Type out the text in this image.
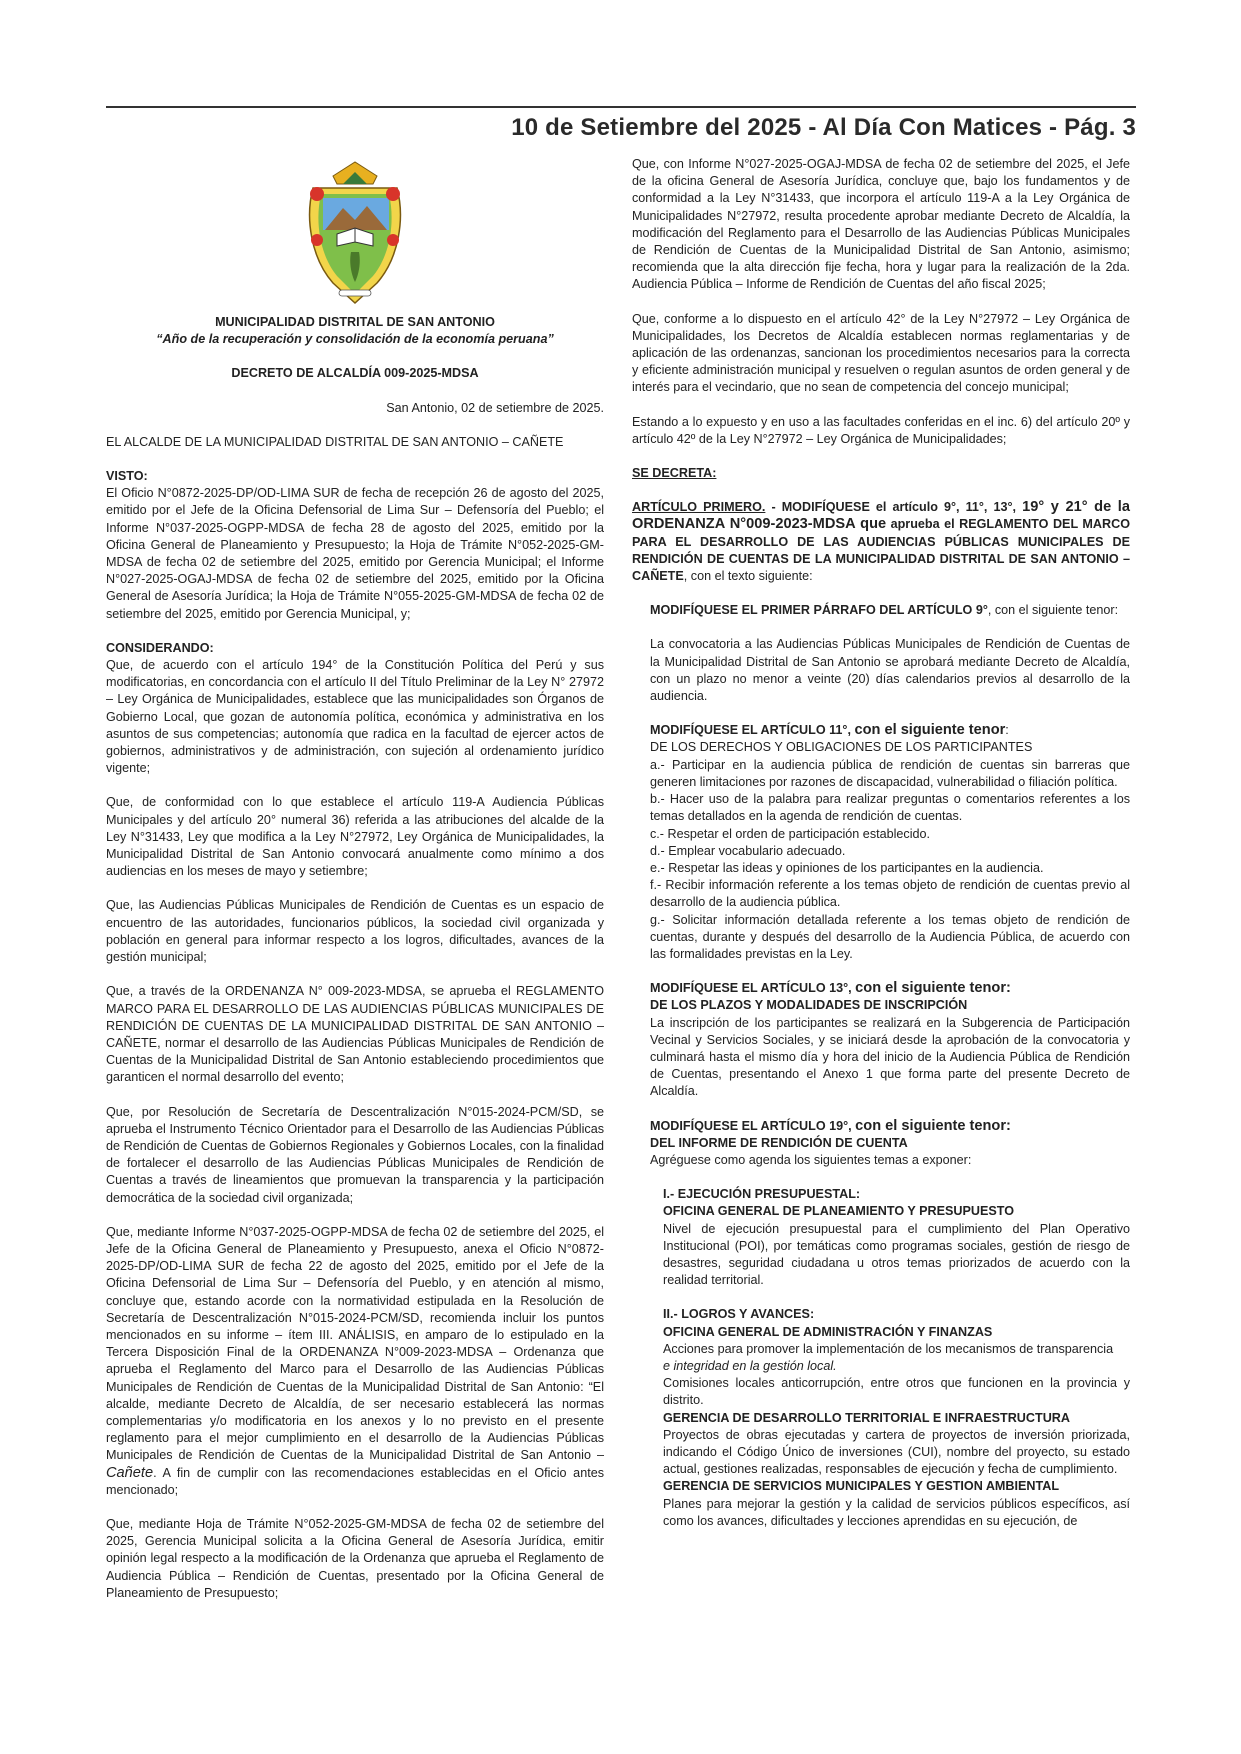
10 de Setiembre del 2025 - Al Día Con Matices - Pág. 3
MUNICIPALIDAD DISTRITAL DE SAN ANTONIO
“Año de la recuperación y consolidación de la economía peruana”
DECRETO DE ALCALDÍA 009-2025-MDSA
San Antonio, 02 de setiembre de 2025.

EL ALCALDE DE LA MUNICIPALIDAD DISTRITAL DE SAN ANTONIO – CAÑETE

VISTO:

El Oficio N°0872-2025-DP/OD-LIMA SUR de fecha de recepción 26 de agosto del 2025, emitido por el Jefe de la Oficina Defensorial de Lima Sur – Defensoría del Pueblo; el Informe N°037-2025-OGPP-MDSA de fecha 28 de agosto del 2025, emitido por la Oficina General de Planeamiento y Presupuesto; la Hoja de Trámite N°052-2025-GM-MDSA de fecha 02 de setiembre del 2025, emitido por Gerencia Municipal; el Informe N°027-2025-OGAJ-MDSA de fecha 02 de setiembre del 2025, emitido por la Oficina General de Asesoría Jurídica; la Hoja de Trámite N°055-2025-GM-MDSA de fecha 02 de setiembre del 2025, emitido por Gerencia Municipal, y;

CONSIDERANDO:

Que, de acuerdo con el artículo 194° de la Constitución Política del Perú y sus modificatorias, en concordancia con el artículo II del Título Preliminar de la Ley N° 27972 – Ley Orgánica de Municipalidades, establece que las municipalidades son Órganos de Gobierno Local, que gozan de autonomía política, económica y administrativa en los asuntos de sus competencias; autonomía que radica en la facultad de ejercer actos de gobiernos, administrativos y de administración, con sujeción al ordenamiento jurídico vigente;

Que, de conformidad con lo que establece el artículo 119-A Audiencia Públicas Municipales y del artículo 20° numeral 36) referida a las atribuciones del alcalde de la Ley N°31433, Ley que modifica a la Ley N°27972, Ley Orgánica de Municipalidades, la Municipalidad Distrital de San Antonio convocará anualmente como mínimo a dos audiencias en los meses de mayo y setiembre;

Que, las Audiencias Públicas Municipales de Rendición de Cuentas es un espacio de encuentro de las autoridades, funcionarios públicos, la sociedad civil organizada y población en general para informar respecto a los logros, dificultades, avances de la gestión municipal;

Que, a través de la ORDENANZA N° 009-2023-MDSA, se aprueba el REGLAMENTO MARCO PARA EL DESARROLLO DE LAS AUDIENCIAS PÚBLICAS MUNICIPALES DE RENDICIÓN DE CUENTAS DE LA MUNICIPALIDAD DISTRITAL DE SAN ANTONIO – CAÑETE, normar el desarrollo de las Audiencias Públicas Municipales de Rendición de Cuentas de la Municipalidad Distrital de San Antonio estableciendo procedimientos que garanticen el normal desarrollo del evento;

Que, por Resolución de Secretaría de Descentralización N°015-2024-PCM/SD, se aprueba el Instrumento Técnico Orientador para el Desarrollo de las Audiencias Públicas de Rendición de Cuentas de Gobiernos Regionales y Gobiernos Locales, con la finalidad de fortalecer el desarrollo de las Audiencias Públicas Municipales de Rendición de Cuentas a través de lineamientos que promuevan la transparencia y la participación democrática de la sociedad civil organizada;

Que, mediante Informe N°037-2025-OGPP-MDSA de fecha 02 de setiembre del 2025, el Jefe de la Oficina General de Planeamiento y Presupuesto, anexa el Oficio N°0872-2025-DP/OD-LIMA SUR de fecha 22 de agosto del 2025, emitido por el Jefe de la Oficina Defensorial de Lima Sur – Defensoría del Pueblo, y en atención al mismo, concluye que, estando acorde con la normatividad estipulada en la Resolución de Secretaría de Descentralización N°015-2024-PCM/SD, recomienda incluir los puntos mencionados en su informe – ítem III. ANÁLISIS, en amparo de lo estipulado en la Tercera Disposición Final de la ORDENANZA N°009-2023-MDSA – Ordenanza que aprueba el Reglamento del Marco para el Desarrollo de las Audiencias Públicas Municipales de Rendición de Cuentas de la Municipalidad Distrital de San Antonio: “El alcalde, mediante Decreto de Alcaldía, de ser necesario establecerá las normas complementarias y/o modificatoria en los anexos y lo no previsto en el presente reglamento para el mejor cumplimiento en el desarrollo de la Audiencias Públicas Municipales de Rendición de Cuentas de la Municipalidad Distrital de San Antonio – Cañete. A fin de cumplir con las recomendaciones establecidas en el Oficio antes mencionado;

Que, mediante Hoja de Trámite N°052-2025-GM-MDSA de fecha 02 de setiembre del 2025, Gerencia Municipal solicita a la Oficina General de Asesoría Jurídica, emitir opinión legal respecto a la modificación de la Ordenanza que aprueba el Reglamento de Audiencia Pública – Rendición de Cuentas, presentado por la Oficina General de Planeamiento de Presupuesto;

Que, con Informe N°027-2025-OGAJ-MDSA de fecha 02 de setiembre del 2025, el Jefe de la oficina General de Asesoría Jurídica, concluye que, bajo los fundamentos y de conformidad a la Ley N°31433, que incorpora el artículo 119-A a la Ley Orgánica de Municipalidades N°27972, resulta procedente aprobar mediante Decreto de Alcaldía, la modificación del Reglamento para el Desarrollo de las Audiencias Públicas Municipales de Rendición de Cuentas de la Municipalidad Distrital de San Antonio, asimismo; recomienda que la alta dirección fije fecha, hora y lugar para la realización de la 2da. Audiencia Pública – Informe de Rendición de Cuentas del año fiscal 2025;

Que, conforme a lo dispuesto en el artículo 42° de la Ley N°27972 – Ley Orgánica de Municipalidades, los Decretos de Alcaldía establecen normas reglamentarias y de aplicación de las ordenanzas, sancionan los procedimientos necesarios para la correcta y eficiente administración municipal y resuelven o regulan asuntos de orden general y de interés para el vecindario, que no sean de competencia del concejo municipal;

Estando a lo expuesto y en uso a las facultades conferidas en el inc. 6) del artículo 20º y artículo 42º de la Ley N°27972 – Ley Orgánica de Municipalidades;

SE DECRETA:

ARTÍCULO PRIMERO. - MODIFÍQUESE el artículo 9°, 11°, 13°, 19° y 21° de la ORDENANZA N°009-2023-MDSA que aprueba el REGLAMENTO DEL MARCO PARA EL DESARROLLO DE LAS AUDIENCIAS PÚBLICAS MUNICIPALES DE RENDICIÓN DE CUENTAS DE LA MUNICIPALIDAD DISTRITAL DE SAN ANTONIO – CAÑETE, con el texto siguiente:

MODIFÍQUESE EL PRIMER PÁRRAFO DEL ARTÍCULO 9°, con el siguiente tenor:

La convocatoria a las Audiencias Públicas Municipales de Rendición de Cuentas de la Municipalidad Distrital de San Antonio se aprobará mediante Decreto de Alcaldía, con un plazo no menor a veinte (20) días calendarios previos al desarrollo de la audiencia.

MODIFÍQUESE EL ARTÍCULO 11°, con el siguiente tenor:
DE LOS DERECHOS Y OBLIGACIONES DE LOS PARTICIPANTES
a.- Participar en la audiencia pública de rendición de cuentas sin barreras que generen limitaciones por razones de discapacidad, vulnerabilidad o filiación política.
b.- Hacer uso de la palabra para realizar preguntas o comentarios referentes a los temas detallados en la agenda de rendición de cuentas.
c.- Respetar el orden de participación establecido.
d.- Emplear vocabulario adecuado.
e.- Respetar las ideas y opiniones de los participantes en la audiencia.
f.- Recibir información referente a los temas objeto de rendición de cuentas previo al desarrollo de la audiencia pública.
g.- Solicitar información detallada referente a los temas objeto de rendición de cuentas, durante y después del desarrollo de la Audiencia Pública, de acuerdo con las formalidades previstas en la Ley.
MODIFÍQUESE EL ARTÍCULO 13°, con el siguiente tenor:
DE LOS PLAZOS Y MODALIDADES DE INSCRIPCIÓN

La inscripción de los participantes se realizará en la Subgerencia de Participación Vecinal y Servicios Sociales, y se iniciará desde la aprobación de la convocatoria y culminará hasta el mismo día y hora del inicio de la Audiencia Pública de Rendición de Cuentas, presentando el Anexo 1 que forma parte del presente Decreto de Alcaldía.

MODIFÍQUESE EL ARTÍCULO 19°, con el siguiente tenor:
DEL INFORME DE RENDICIÓN DE CUENTA

Agréguese como agenda los siguientes temas a exponer:

I.- EJECUCIÓN PRESUPUESTAL:
OFICINA GENERAL DE PLANEAMIENTO Y PRESUPUESTO

Nivel de ejecución presupuestal para el cumplimiento del Plan Operativo Institucional (POI), por temáticas como programas sociales, gestión de riesgo de desastres, seguridad ciudadana u otros temas priorizados de acuerdo con la realidad territorial.

II.- LOGROS Y AVANCES:
OFICINA GENERAL DE ADMINISTRACIÓN Y FINANZAS
Acciones para promover la implementación de los mecanismos de transparencia
e integridad en la gestión local.
Comisiones locales anticorrupción, entre otros que funcionen en la provincia y distrito.
GERENCIA DE DESARROLLO TERRITORIAL E INFRAESTRUCTURA
Proyectos de obras ejecutadas y cartera de proyectos de inversión priorizada, indicando el Código Único de inversiones (CUI), nombre del proyecto, su estado actual, gestiones realizadas, responsables de ejecución y fecha de cumplimiento.
GERENCIA DE SERVICIOS MUNICIPALES Y GESTION AMBIENTAL
Planes para mejorar la gestión y la calidad de servicios públicos específicos, así como los avances, dificultades y lecciones aprendidas en su ejecución, de
